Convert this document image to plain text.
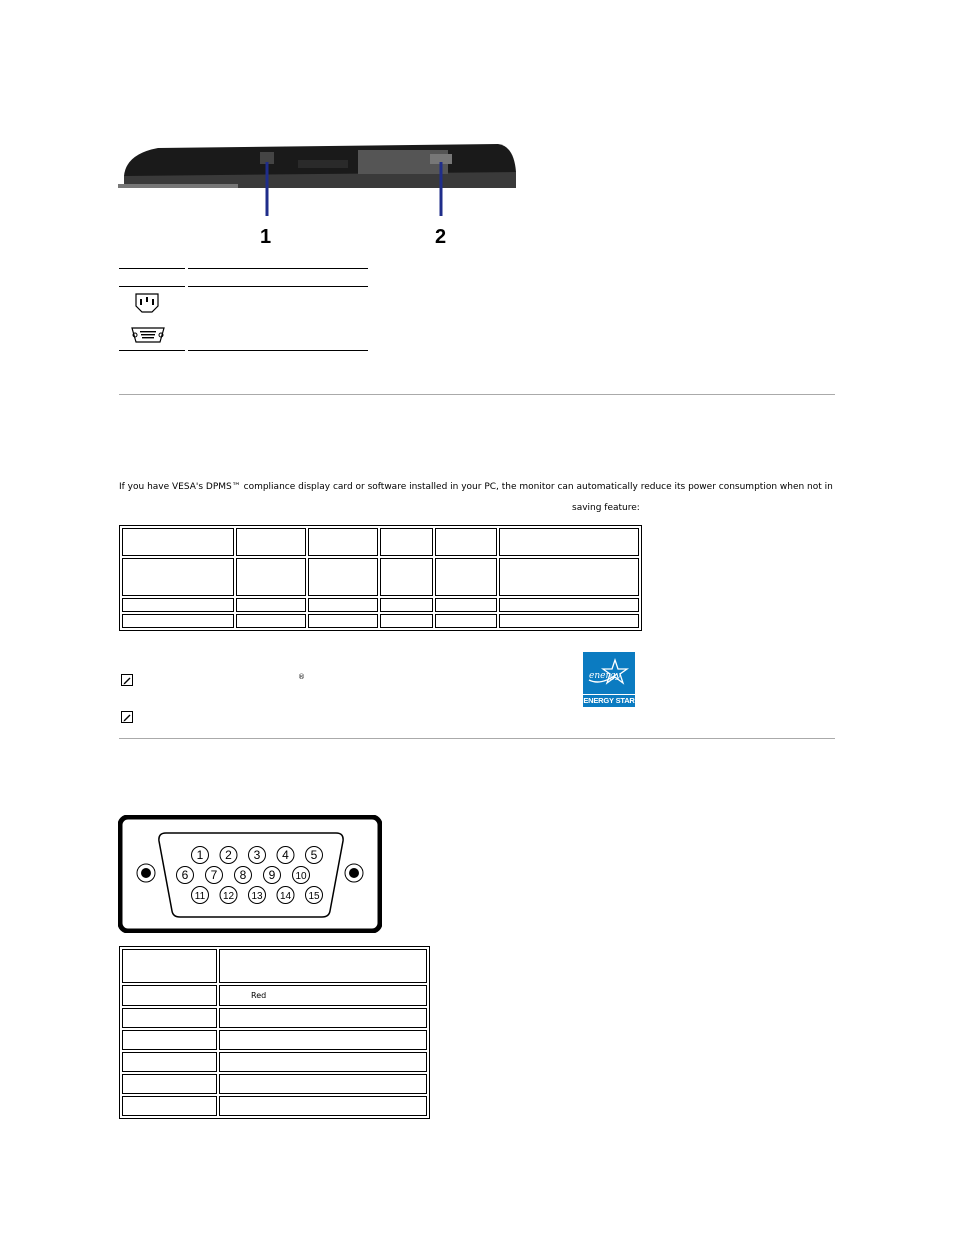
1	2

If you have VESA's DPMS™ compliance display card or software installed in your PC, the monitor can automatically reduce its power consumption when not in

saving feature:

®	energy
ENERGY STAR
1 2 3 4 5
6 7 8 9 10
11 12 13 14 15

	Red
